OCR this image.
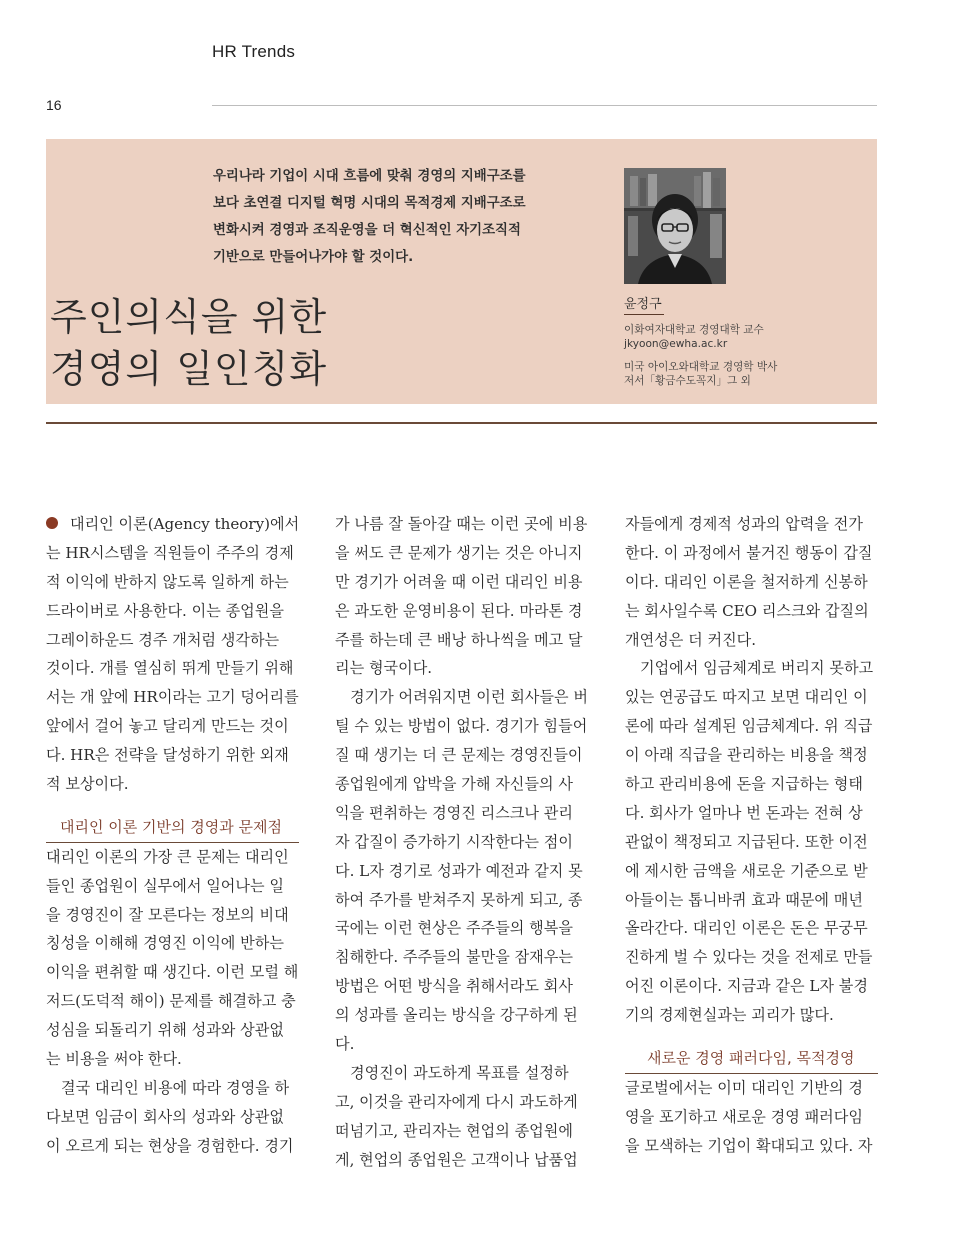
HR Trends
16

우리나라 기업이 시대 흐름에 맞춰 경영의 지배구조를

보다 초연결 디지털 혁명 시대의 목적경제 지배구조로

변화시켜 경영과 조직운영을 더 혁신적인 자기조직적

기반으로 만들어나가야 할 것이다.

주인의식을 위한
경영의 일인칭화
윤정구
이화여자대학교 경영대학 교수
jkyoon@ewha.ac.kr
미국 아이오와대학교 경영학 박사
저서「황금수도꼭지」그 외
대리인 이론(Agency theory)에서
는 HR시스템을 직원들이 주주의 경제
적 이익에 반하지 않도록 일하게 하는
드라이버로 사용한다. 이는 종업원을
그레이하운드 경주 개처럼 생각하는
것이다. 개를 열심히 뛰게 만들기 위해
서는 개 앞에 HR이라는 고기 덩어리를
앞에서 걸어 놓고 달리게 만드는 것이
다. HR은 전략을 달성하기 위한 외재
적 보상이다.
대리인 이론 기반의 경영과 문제점
대리인 이론의 가장 큰 문제는 대리인
들인 종업원이 실무에서 일어나는 일
을 경영진이 잘 모른다는 정보의 비대
칭성을 이해해 경영진 이익에 반하는
이익을 편취할 때 생긴다. 이런 모럴 해
저드(도덕적 해이) 문제를 해결하고 충
성심을 되돌리기 위해 성과와 상관없
는 비용을 써야 한다.
결국 대리인 비용에 따라 경영을 하
다보면 임금이 회사의 성과와 상관없
이 오르게 되는 현상을 경험한다. 경기
가 나름 잘 돌아갈 때는 이런 곳에 비용
을 써도 큰 문제가 생기는 것은 아니지
만 경기가 어려울 때 이런 대리인 비용
은 과도한 운영비용이 된다. 마라톤 경
주를 하는데 큰 배낭 하나씩을 메고 달
리는 형국이다.
경기가 어려워지면 이런 회사들은 버
틸 수 있는 방법이 없다. 경기가 힘들어
질 때 생기는 더 큰 문제는 경영진들이
종업원에게 압박을 가해 자신들의 사
익을 편취하는 경영진 리스크나 관리
자 갑질이 증가하기 시작한다는 점이
다. L자 경기로 성과가 예전과 같지 못
하여 주가를 받쳐주지 못하게 되고, 종
국에는 이런 현상은 주주들의 행복을
침해한다. 주주들의 불만을 잠재우는
방법은 어떤 방식을 취해서라도 회사
의 성과를 올리는 방식을 강구하게 된
다.
경영진이 과도하게 목표를 설정하
고, 이것을 관리자에게 다시 과도하게
떠넘기고, 관리자는 현업의 종업원에
게, 현업의 종업원은 고객이나 납품업
자들에게 경제적 성과의 압력을 전가
한다. 이 과정에서 불거진 행동이 갑질
이다. 대리인 이론을 철저하게 신봉하
는 회사일수록 CEO 리스크와 갑질의
개연성은 더 커진다.
기업에서 임금체계로 버리지 못하고
있는 연공급도 따지고 보면 대리인 이
론에 따라 설계된 임금체계다. 위 직급
이 아래 직급을 관리하는 비용을 책정
하고 관리비용에 돈을 지급하는 형태
다. 회사가 얼마나 번 돈과는 전혀 상
관없이 책정되고 지급된다. 또한 이전
에 제시한 금액을 새로운 기준으로 받
아들이는 톱니바퀴 효과 때문에 매년
올라간다. 대리인 이론은 돈은 무궁무
진하게 벌 수 있다는 것을 전제로 만들
어진 이론이다. 지금과 같은 L자 불경
기의 경제현실과는 괴리가 많다.
새로운 경영 패러다임, 목적경영
글로벌에서는 이미 대리인 기반의 경
영을 포기하고 새로운 경영 패러다임
을 모색하는 기업이 확대되고 있다. 자
